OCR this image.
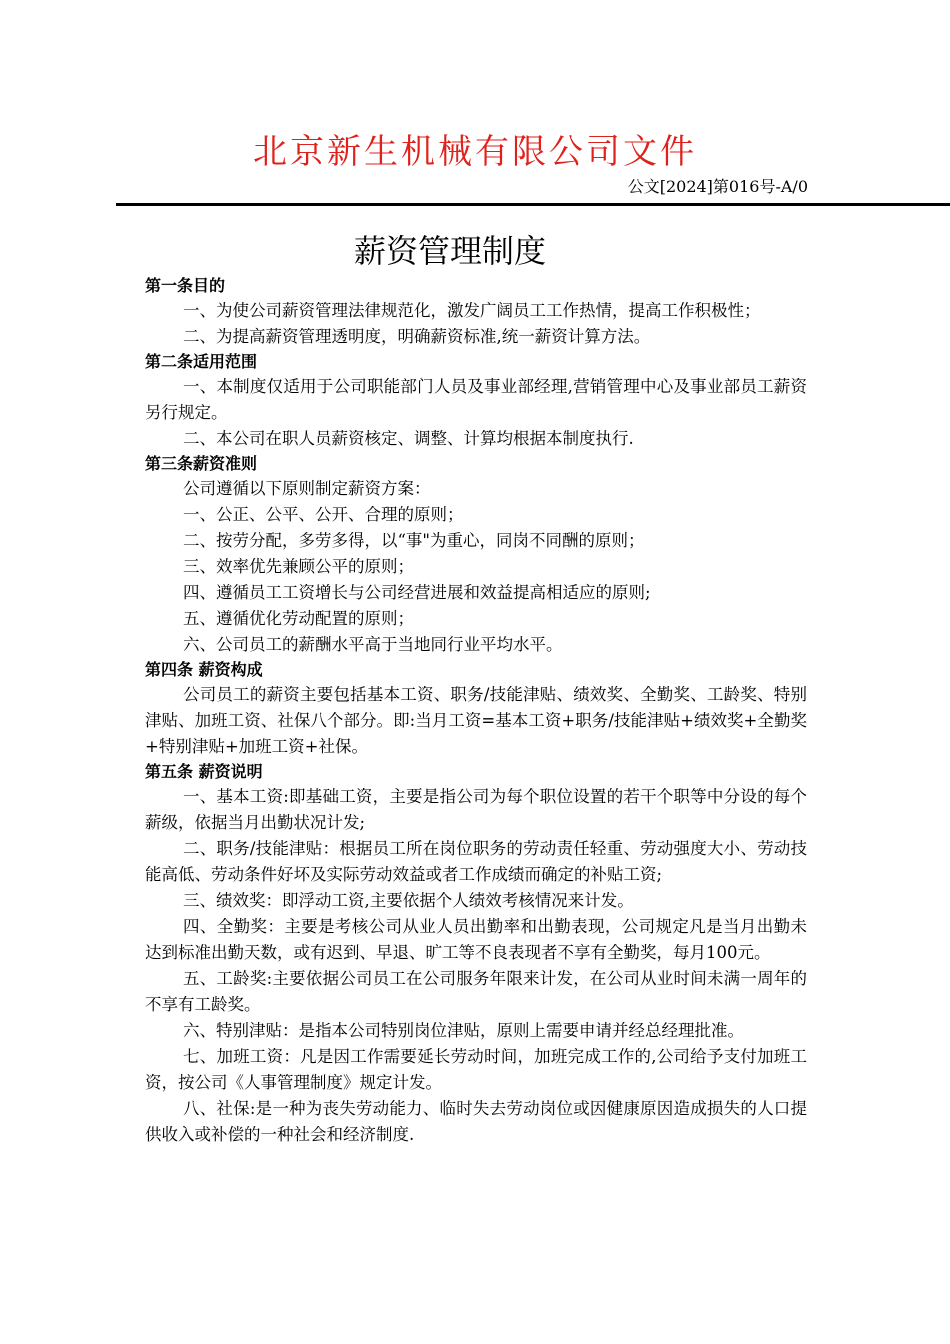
北京新生机械有限公司文件
公文[2024]第016号-A/0
薪资管理制度

第一条目的

一、为使公司薪资管理法律规范化，激发广阔员工工作热情，提高工作积极性；

二、为提高薪资管理透明度，明确薪资标准,统一薪资计算方法。

第二条适用范围

一、本制度仅适用于公司职能部门人员及事业部经理,营销管理中心及事业部员工薪资另行规定。

二、本公司在职人员薪资核定、调整、计算均根据本制度执行.

第三条薪资准则

公司遵循以下原则制定薪资方案：

一、公正、公平、公开、合理的原则；

二、按劳分配，多劳多得，以“事"为重心，同岗不同酬的原则；

三、效率优先兼顾公平的原则；

四、遵循员工工资增长与公司经营进展和效益提高相适应的原则;

五、遵循优化劳动配置的原则；

六、公司员工的薪酬水平高于当地同行业平均水平。

第四条 薪资构成

公司员工的薪资主要包括基本工资、职务/技能津贴、绩效奖、全勤奖、工龄奖、特别津贴、加班工资、社保八个部分。即:当月工资=基本工资+职务/技能津贴+绩效奖+全勤奖+特别津贴+加班工资+社保。

第五条 薪资说明

一、基本工资:即基础工资，主要是指公司为每个职位设置的若干个职等中分设的每个薪级，依据当月出勤状况计发;

二、职务/技能津贴：根据员工所在岗位职务的劳动责任轻重、劳动强度大小、劳动技能高低、劳动条件好坏及实际劳动效益或者工作成绩而确定的补贴工资;

三、绩效奖：即浮动工资,主要依据个人绩效考核情况来计发。

四、全勤奖：主要是考核公司从业人员出勤率和出勤表现，公司规定凡是当月出勤未达到标准出勤天数，或有迟到、早退、旷工等不良表现者不享有全勤奖，每月100元。

五、工龄奖:主要依据公司员工在公司服务年限来计发，在公司从业时间未满一周年的不享有工龄奖。

六、特别津贴：是指本公司特别岗位津贴，原则上需要申请并经总经理批准。

七、加班工资：凡是因工作需要延长劳动时间，加班完成工作的,公司给予支付加班工资，按公司《人事管理制度》规定计发。

八、社保:是一种为丧失劳动能力、临时失去劳动岗位或因健康原因造成损失的人口提供收入或补偿的一种社会和经济制度.
